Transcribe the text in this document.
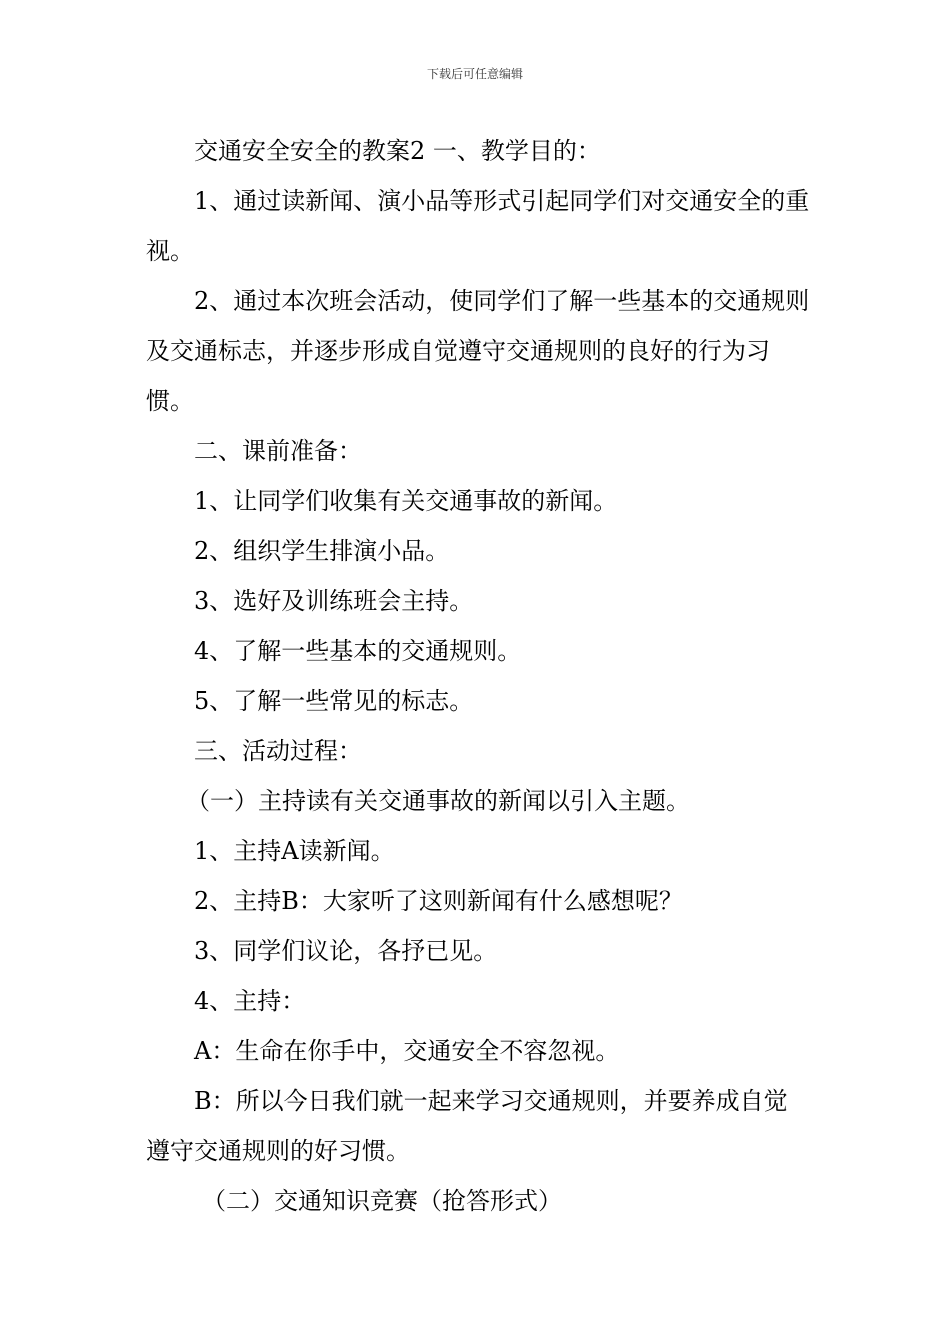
下载后可任意编辑

交通安全安全的教案2 一、教学目的：

1、通过读新闻、演小品等形式引起同学们对交通安全的重视。

2、通过本次班会活动，使同学们了解一些基本的交通规则及交通标志，并逐步形成自觉遵守交通规则的良好的行为习惯。

二、课前准备：

1、让同学们收集有关交通事故的新闻。

2、组织学生排演小品。

3、选好及训练班会主持。

4、了解一些基本的交通规则。

5、了解一些常见的标志。

三、活动过程：

（一）主持读有关交通事故的新闻以引入主题。

1、主持A读新闻。

2、主持B：大家听了这则新闻有什么感想呢？

3、同学们议论，各抒已见。

4、主持：

A：生命在你手中，交通安全不容忽视。

B：所以今日我们就一起来学习交通规则，并要养成自觉遵守交通规则的好习惯。

（二）交通知识竞赛（抢答形式）
